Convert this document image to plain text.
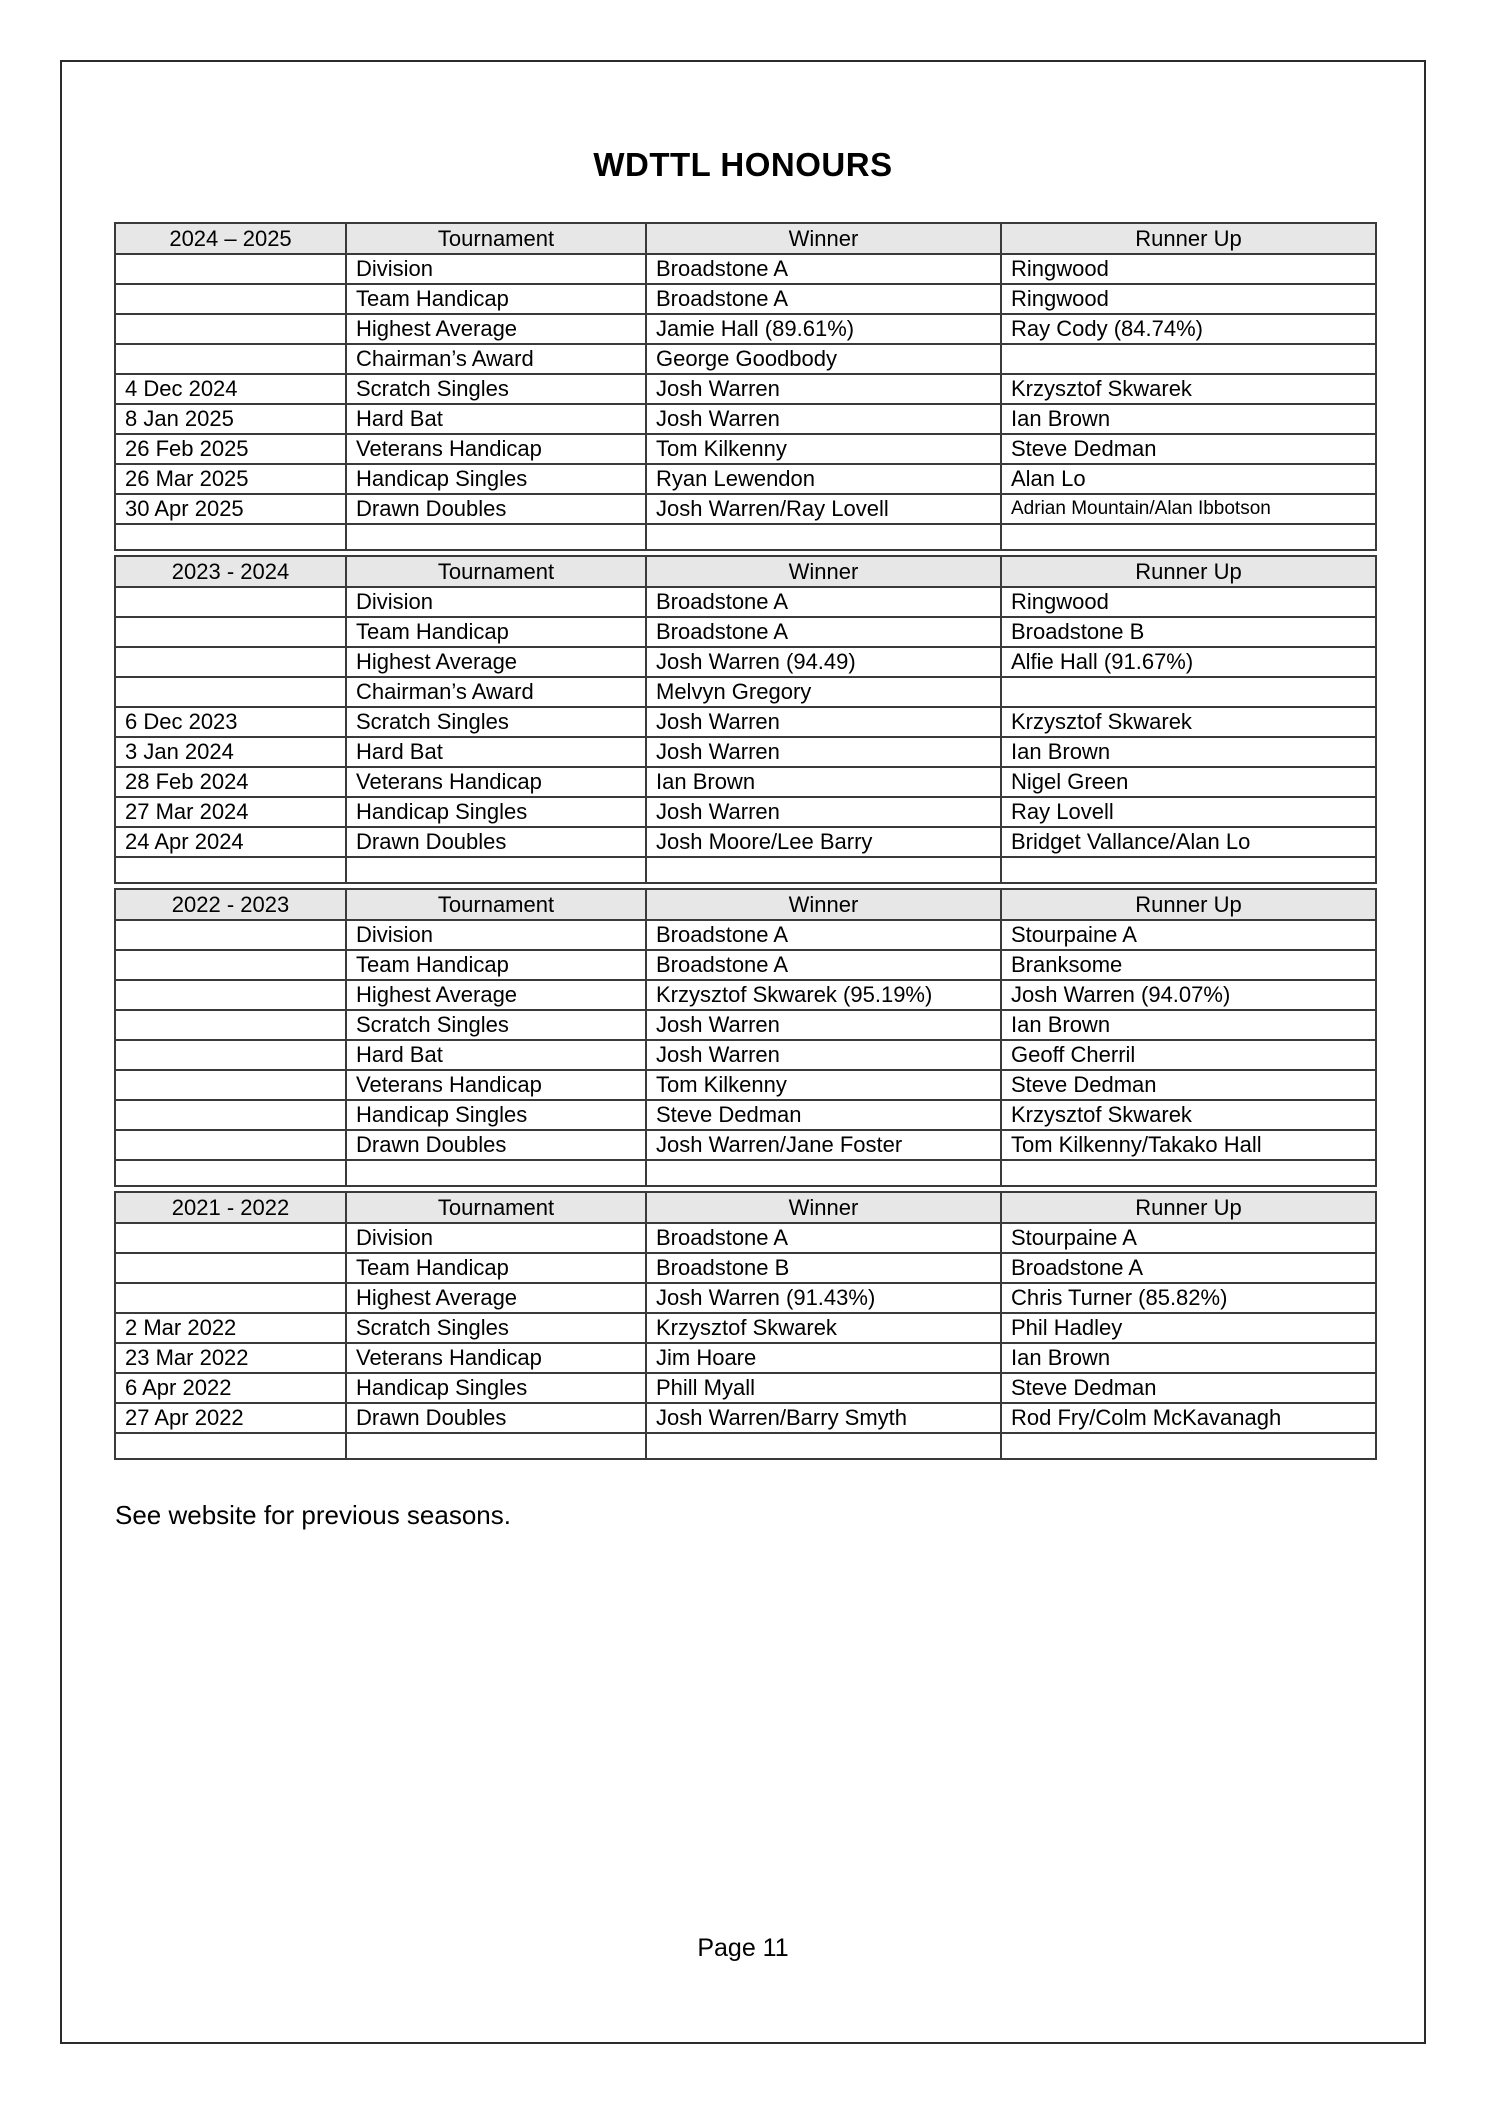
WDTTL HONOURS
2024 – 2025	Tournament	Winner	Runner Up
	Division	Broadstone A	Ringwood
	Team Handicap	Broadstone A	Ringwood
	Highest Average	Jamie Hall (89.61%)	Ray Cody (84.74%)
	Chairman’s Award	George Goodbody	
4 Dec 2024	Scratch Singles	Josh Warren	Krzysztof Skwarek
8 Jan 2025	Hard Bat	Josh Warren	Ian Brown
26 Feb 2025	Veterans Handicap	Tom Kilkenny	Steve Dedman
26 Mar 2025	Handicap Singles	Ryan Lewendon	Alan Lo
30 Apr 2025	Drawn Doubles	Josh Warren/Ray Lovell	Adrian Mountain/Alan Ibbotson

2023 - 2024	Tournament	Winner	Runner Up
	Division	Broadstone A	Ringwood
	Team Handicap	Broadstone A	Broadstone B
	Highest Average	Josh Warren (94.49)	Alfie Hall (91.67%)
	Chairman’s Award	Melvyn Gregory	
6 Dec 2023	Scratch Singles	Josh Warren	Krzysztof Skwarek
3 Jan 2024	Hard Bat	Josh Warren	Ian Brown
28 Feb 2024	Veterans Handicap	Ian Brown	Nigel Green
27 Mar 2024	Handicap Singles	Josh Warren	Ray Lovell
24 Apr 2024	Drawn Doubles	Josh Moore/Lee Barry	Bridget Vallance/Alan Lo

2022 - 2023	Tournament	Winner	Runner Up
	Division	Broadstone A	Stourpaine A
	Team Handicap	Broadstone A	Branksome
	Highest Average	Krzysztof Skwarek (95.19%)	Josh Warren (94.07%)
	Scratch Singles	Josh Warren	Ian Brown
	Hard Bat	Josh Warren	Geoff Cherril
	Veterans Handicap	Tom Kilkenny	Steve Dedman
	Handicap Singles	Steve Dedman	Krzysztof Skwarek
	Drawn Doubles	Josh Warren/Jane Foster	Tom Kilkenny/Takako Hall

2021 - 2022	Tournament	Winner	Runner Up
	Division	Broadstone A	Stourpaine A
	Team Handicap	Broadstone B	Broadstone A
	Highest Average	Josh Warren (91.43%)	Chris Turner (85.82%)
2 Mar 2022	Scratch Singles	Krzysztof Skwarek	Phil Hadley
23 Mar 2022	Veterans Handicap	Jim Hoare	Ian Brown
6 Apr 2022	Handicap Singles	Phill Myall	Steve Dedman
27 Apr 2022	Drawn Doubles	Josh Warren/Barry Smyth	Rod Fry/Colm McKavanagh

See website for previous seasons.
Page 11
